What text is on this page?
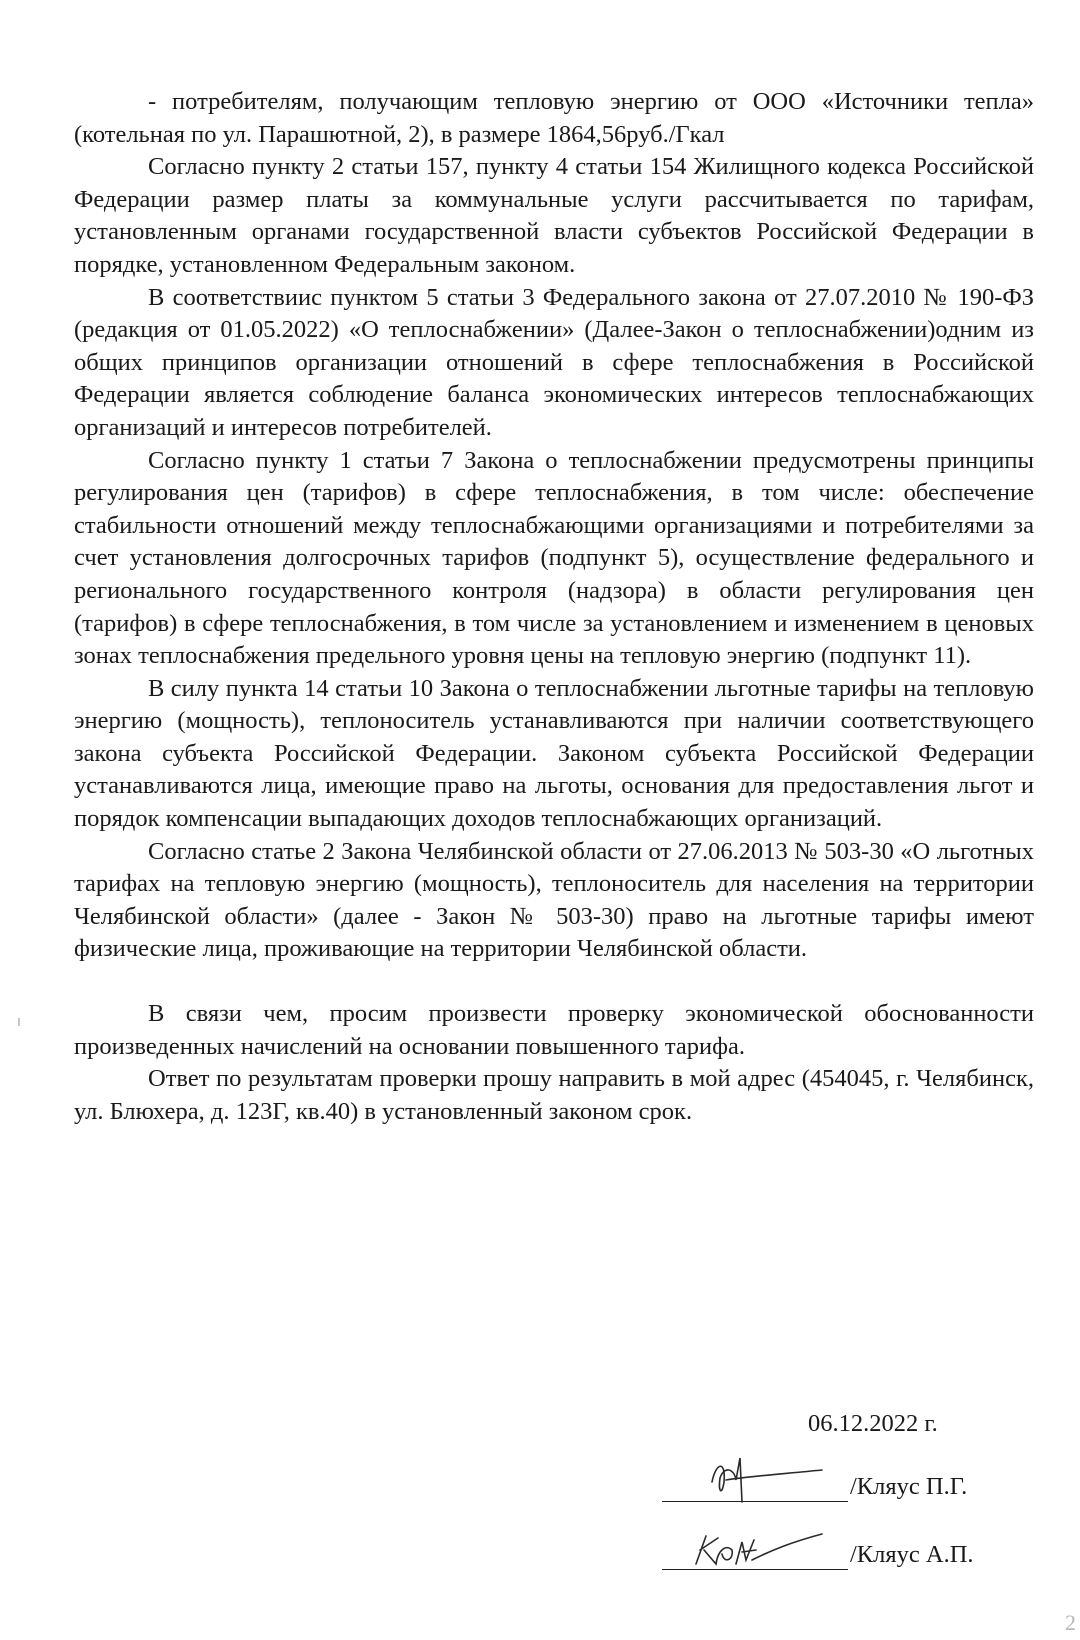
- потребителям, получающим тепловую энергию от ООО «Источники тепла» (котельная по ул. Парашютной, 2), в размере 1864,56руб./Гкал

Согласно пункту 2 статьи 157, пункту 4 статьи 154 Жилищного кодекса Российской Федерации размер платы за коммунальные услуги рассчитывается по тарифам, установленным органами государственной власти субъектов Российской Федерации в порядке, установленном Федеральным законом.

В соответствиис пунктом 5 статьи 3 Федерального закона от 27.07.2010 № 190-ФЗ (редакция от 01.05.2022) «О теплоснабжении» (Далее-Закон о теплоснабжении)одним из общих принципов организации отношений в сфере теплоснабжения в Российской Федерации является соблюдение баланса экономических интересов теплоснабжающих организаций и интересов потребителей.

Согласно пункту 1 статьи 7 Закона о теплоснабжении предусмотрены принципы регулирования цен (тарифов) в сфере теплоснабжения, в том числе: обеспечение стабильности отношений между теплоснабжающими организациями и потребителями за счет установления долгосрочных тарифов (подпункт 5), осуществление федерального и регионального государственного контроля (надзора) в области регулирования цен (тарифов) в сфере теплоснабжения, в том числе за установлением и изменением в ценовых зонах теплоснабжения предельного уровня цены на тепловую энергию (подпункт 11).

В силу пункта 14 статьи 10 Закона о теплоснабжении льготные тарифы на тепловую энергию (мощность), теплоноситель устанавливаются при наличии соответствующего закона субъекта Российской Федерации. Законом субъекта Российской Федерации устанавливаются лица, имеющие право на льготы, основания для предоставления льгот и порядок компенсации выпадающих доходов теплоснабжающих организаций.

Согласно статье 2 Закона Челябинской области от 27.06.2013 № 503-30 «О льготных тарифах на тепловую энергию (мощность), теплоноситель для населения на территории Челябинской области» (далее - Закон № 503-30) право на льготные тарифы имеют физические лица, проживающие на территории Челябинской области.

В связи чем, просим произвести проверку экономической обоснованности произведенных начислений на основании повышенного тарифа.

Ответ по результатам проверки прошу направить в мой адрес (454045, г. Челябинск, ул. Блюхера, д. 123Г, кв.40) в установленный законом срок.

06.12.2022 г.
/Кляус П.Г.
/Кляус А.П.
2
